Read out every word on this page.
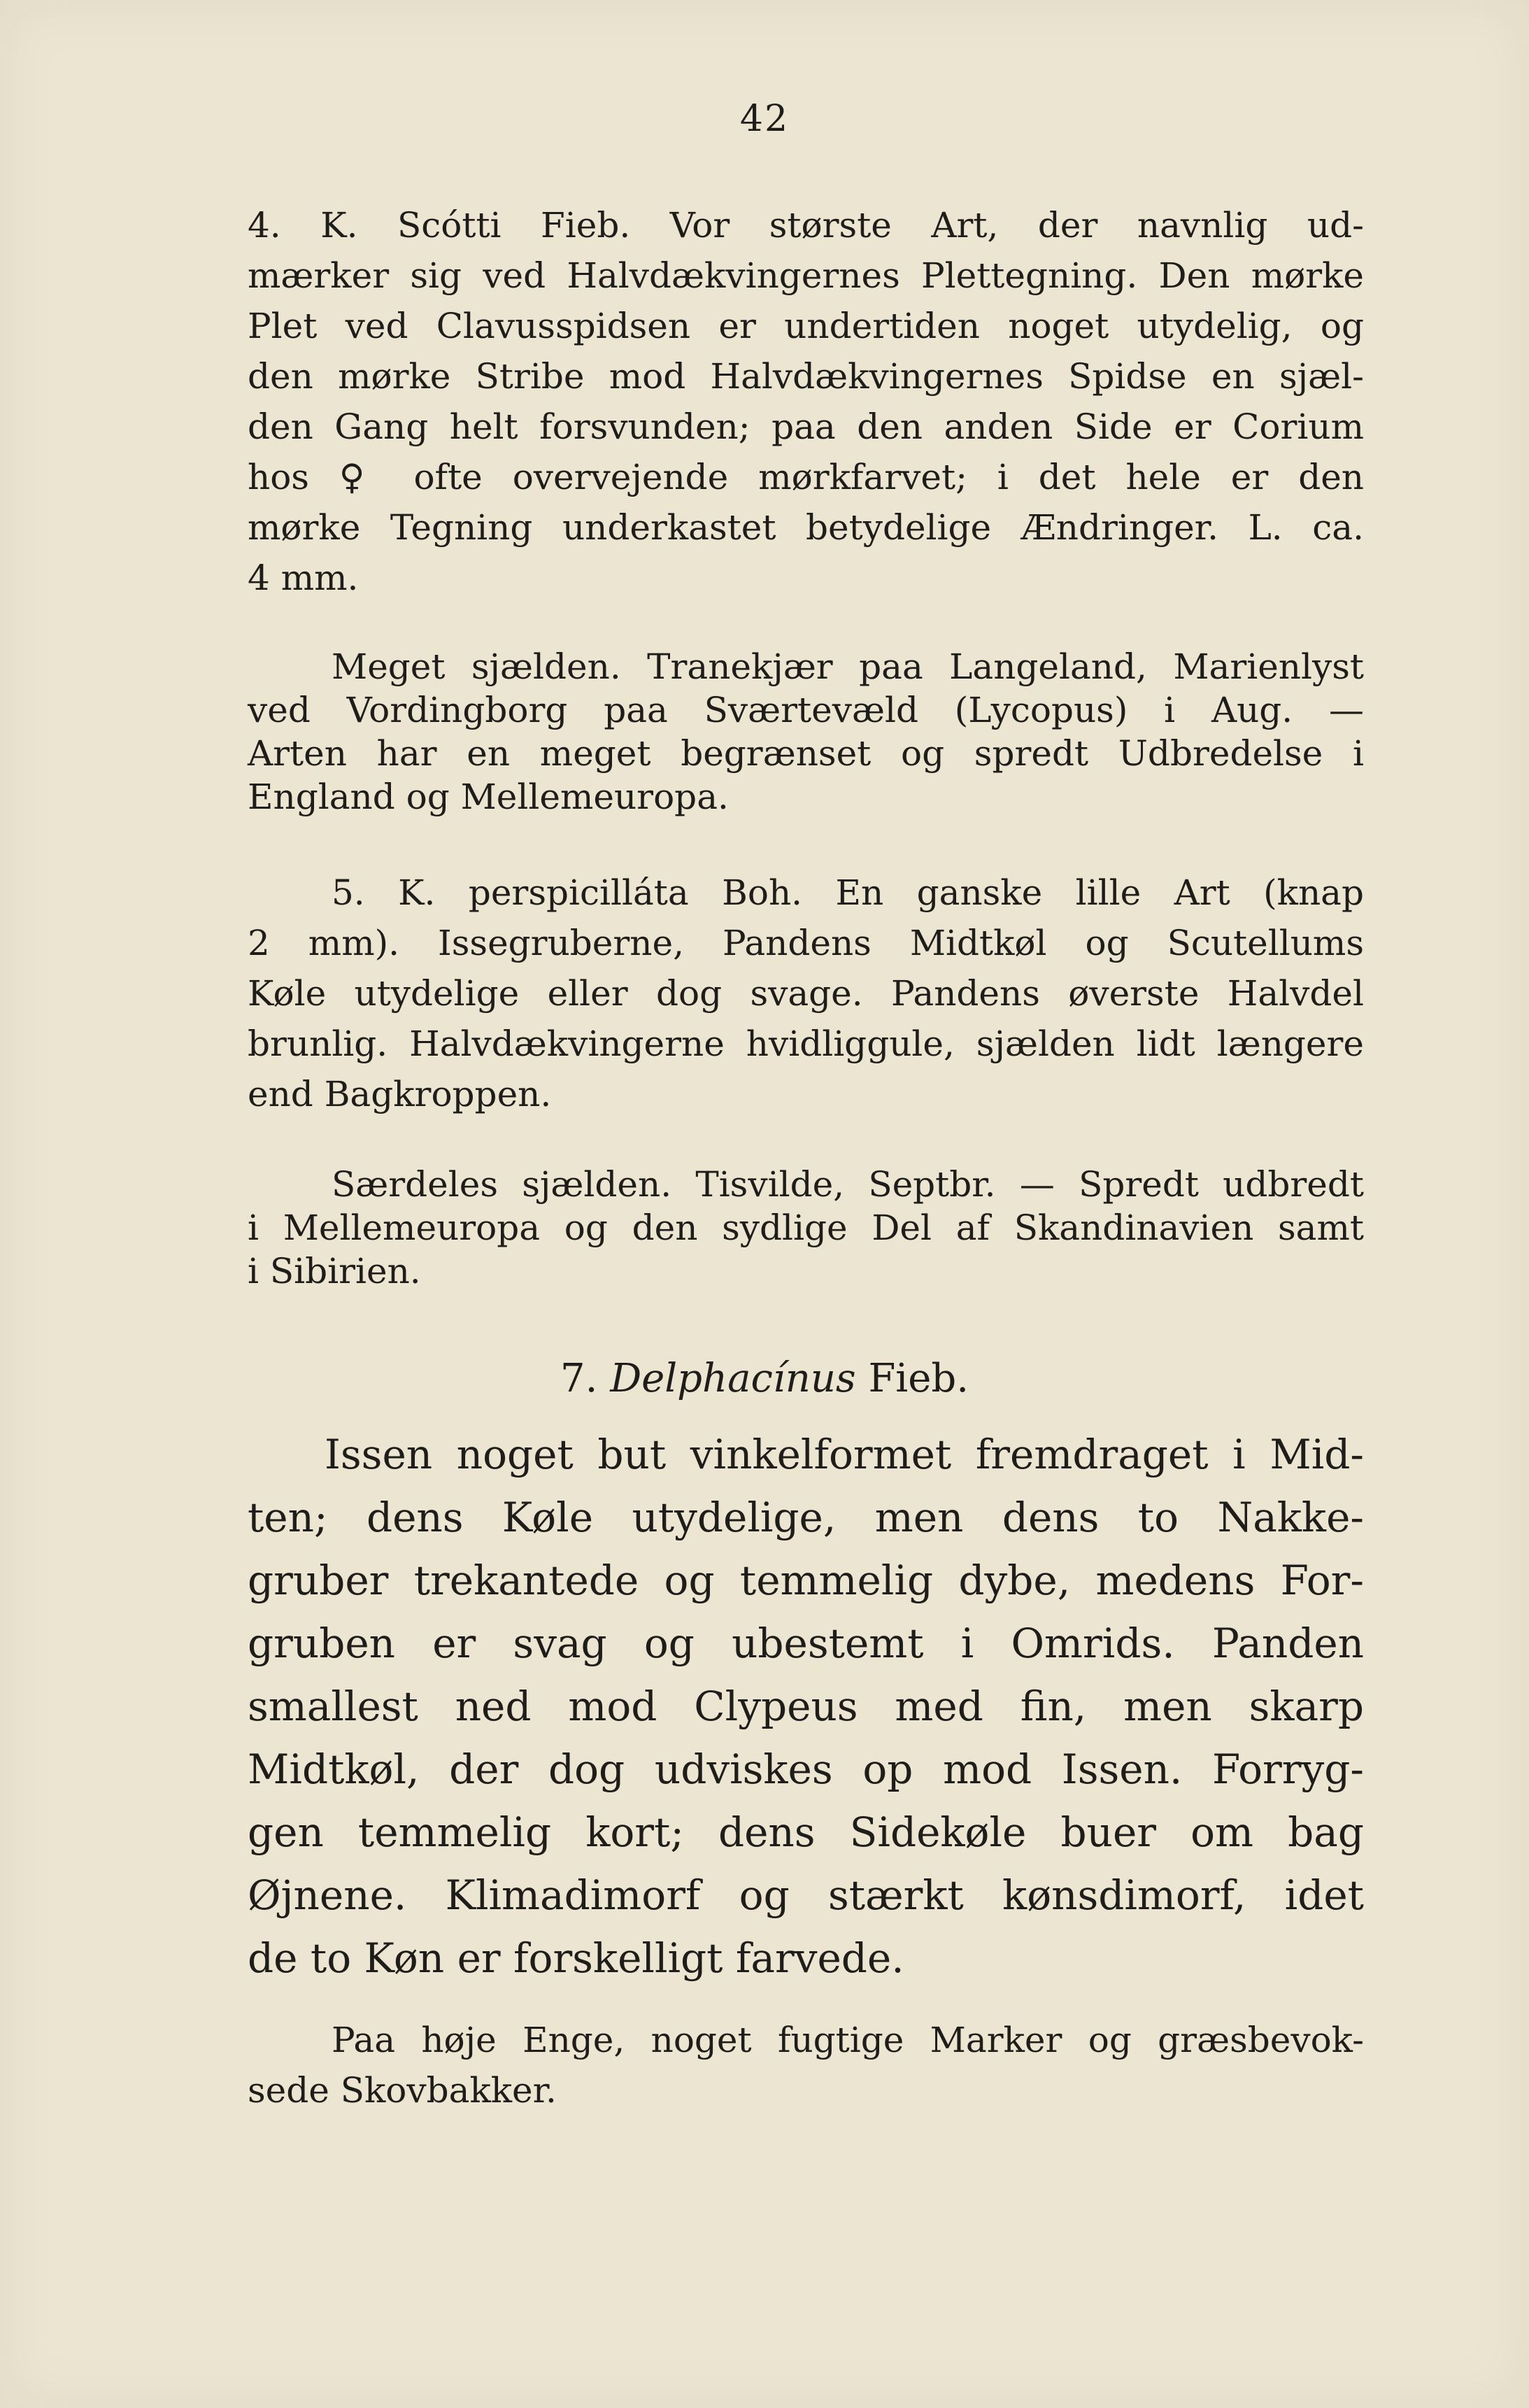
42
4. K. Scótti Fieb. Vor største Art, der navnlig ud-
mærker sig ved Halvdækvingernes Plettegning. Den mørke
Plet ved Clavusspidsen er undertiden noget utydelig, og
den mørke Stribe mod Halvdækvingernes Spidse en sjæl-
den Gang helt forsvunden; paa den anden Side er Corium
hos ♀ ofte overvejende mørkfarvet; i det hele er den
mørke Tegning underkastet betydelige Ændringer. L. ca.
4 mm.
Meget sjælden. Tranekjær paa Langeland, Marienlyst
ved Vordingborg paa Sværtevæld (Lycopus) i Aug. —
Arten har en meget begrænset og spredt Udbredelse i
England og Mellemeuropa.
5. K. perspicilláta Boh. En ganske lille Art (knap
2 mm). Issegruberne, Pandens Midtkøl og Scutellums
Køle utydelige eller dog svage. Pandens øverste Halvdel
brunlig. Halvdækvingerne hvidliggule, sjælden lidt længere
end Bagkroppen.
Særdeles sjælden. Tisvilde, Septbr. — Spredt udbredt
i Mellemeuropa og den sydlige Del af Skandinavien samt
i Sibirien.
7. Delphacínus Fieb.
Issen noget but vinkelformet fremdraget i Mid-
ten; dens Køle utydelige, men dens to Nakke-
gruber trekantede og temmelig dybe, medens For-
gruben er svag og ubestemt i Omrids. Panden
smallest ned mod Clypeus med fin, men skarp
Midtkøl, der dog udviskes op mod Issen. Forryg-
gen temmelig kort; dens Sidekøle buer om bag
Øjnene. Klimadimorf og stærkt kønsdimorf, idet
de to Køn er forskelligt farvede.
Paa høje Enge, noget fugtige Marker og græsbevok-
sede Skovbakker.
